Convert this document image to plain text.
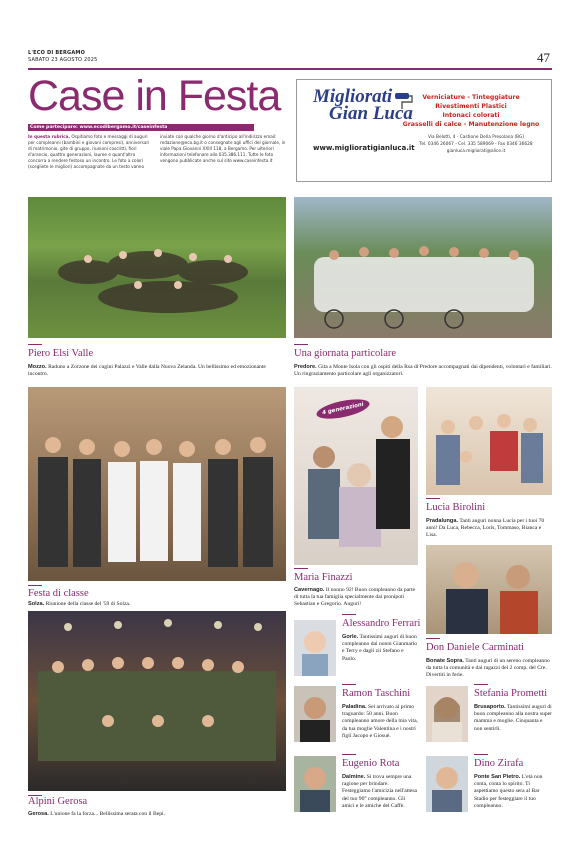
L'ECO DI BERGAMO
SABATO 23 AGOSTO 2025	47
Case in Festa
Come partecipare: www.ecodibergamo.it/caseinfesta
In questa rubrica. Ospitiamo foto e messaggi di auguri per compleanni (bambini e giovani compresi), anniversari di matrimonio, gite di gruppo, riunioni coscritti, fiori d'arancio, quattro generazioni, lauree e quant'altro concorra a rendere festoso un incontro. Le foto a colori (scegliete le migliori) accompagnate da un testo vanno
inviate con qualche giorno d'anticipo all'indirizzo email: redazione@eco.bg.it o consegnate agli uffici del giornale, in viale Papa Giovanni XXIII 118, a Bergamo. Per ulteriori informazioni telefonare allo 035.386.111. Tutte le foto vengono pubblicate anche sul sito www.caseinfesta.it
Migliorati
Gian Luca
www.miglioratigianluca.it
Verniciature - Tinteggiature
Rivestimenti Plastici
Intonaci colorati
Grasselli di calce - Manutenzione legno
Via Belotti, 4 - Castione Della Presolana (BG)
Tel. 0346 26067 - Cel. 335 589069 - Fax 0346 36628
gianluca.migliorati@alice.it
4 generazioni
Piero Elsi Valle
Mozzo. Raduno a Zorzone dei cugini Palazzi e Valle dalla Nuova Zelanda. Un bellissimo ed emozionante incontro.
Una giornata particolare
Predore. Gita a Monte Isola con gli ospiti della Rsa di Predore accompagnati dai dipendenti, volontari e familiari. Un ringraziamento particolare agli organizzatori.
Lucia Birolini
Pradalunga. Tanti auguri nonna Lucia per i tuoi 70 anni! Da Luca, Rebecca, Loris, Tommaso, Bianca e Lisa.
Festa di classe
Solza. Riunione della classe del '59 di Solza.
Maria Finazzi
Cavernago. Il nonno 92! Buon compleanno da parte di tutta la tua famiglia specialmente dai pronipoti Sebastian e Gregorio. Auguri!
Alessandro Ferrari
Gorle. Tantissimi auguri di buon compleanno dai nonni Gianmario e Terry e dagli zii Stefano e Paolo.
Don Daniele Carminati
Bonate Sopra. Tanti auguri di un sereno compleanno da tutta la comunità e dai ragazzi del 2 comp. del Cre. Divertiti in ferie.
Ramon Taschini
Paladina. Sei arrivato al primo traguardo: 50 anni. Buon compleanno amore della mia vita, da tua moglie Valentina e i nostri figli Jacopo e Giosuè.
Stefania Prometti
Brusaporto. Tantissimi auguri di buon compleanno alla nostra super mamma e moglie. Cinquanta e non sentirli.
Alpini Gerosa
Gerosa. L'unione fa la forza... Bellissima serata con il Bepi.
Eugenio Rota
Dalmine. Si trova sempre una ragione per brindare. Festeggiamo l'amicizia nell'attesa del tuo 90° compleanno. Gli amici e le amiche del Caffè.
Dino Zirafa
Ponte San Pietro. L'età non conta, conta lo spirito. Ti aspettiamo questo sera al Bar Stadio per festeggiare il tuo compleanno.
